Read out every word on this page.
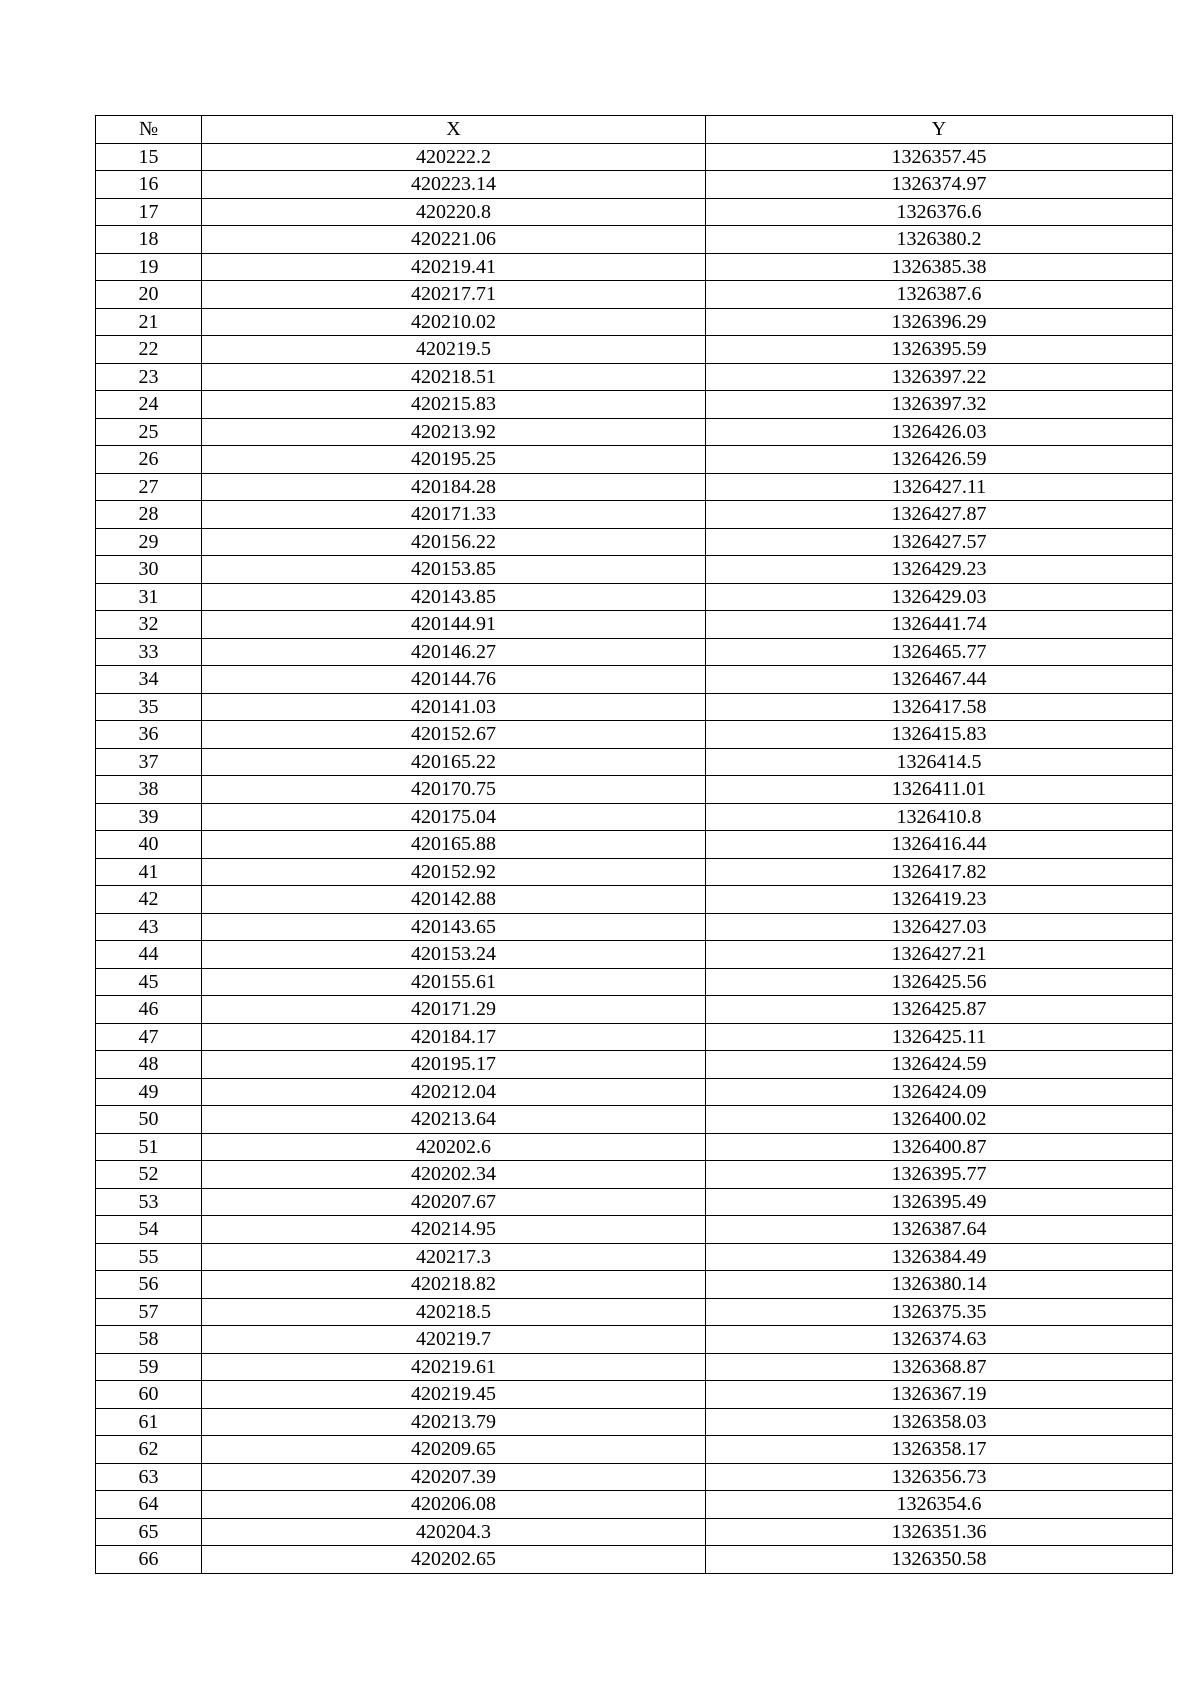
№	X	Y
15	420222.2	1326357.45
16	420223.14	1326374.97
17	420220.8	1326376.6
18	420221.06	1326380.2
19	420219.41	1326385.38
20	420217.71	1326387.6
21	420210.02	1326396.29
22	420219.5	1326395.59
23	420218.51	1326397.22
24	420215.83	1326397.32
25	420213.92	1326426.03
26	420195.25	1326426.59
27	420184.28	1326427.11
28	420171.33	1326427.87
29	420156.22	1326427.57
30	420153.85	1326429.23
31	420143.85	1326429.03
32	420144.91	1326441.74
33	420146.27	1326465.77
34	420144.76	1326467.44
35	420141.03	1326417.58
36	420152.67	1326415.83
37	420165.22	1326414.5
38	420170.75	1326411.01
39	420175.04	1326410.8
40	420165.88	1326416.44
41	420152.92	1326417.82
42	420142.88	1326419.23
43	420143.65	1326427.03
44	420153.24	1326427.21
45	420155.61	1326425.56
46	420171.29	1326425.87
47	420184.17	1326425.11
48	420195.17	1326424.59
49	420212.04	1326424.09
50	420213.64	1326400.02
51	420202.6	1326400.87
52	420202.34	1326395.77
53	420207.67	1326395.49
54	420214.95	1326387.64
55	420217.3	1326384.49
56	420218.82	1326380.14
57	420218.5	1326375.35
58	420219.7	1326374.63
59	420219.61	1326368.87
60	420219.45	1326367.19
61	420213.79	1326358.03
62	420209.65	1326358.17
63	420207.39	1326356.73
64	420206.08	1326354.6
65	420204.3	1326351.36
66	420202.65	1326350.58
